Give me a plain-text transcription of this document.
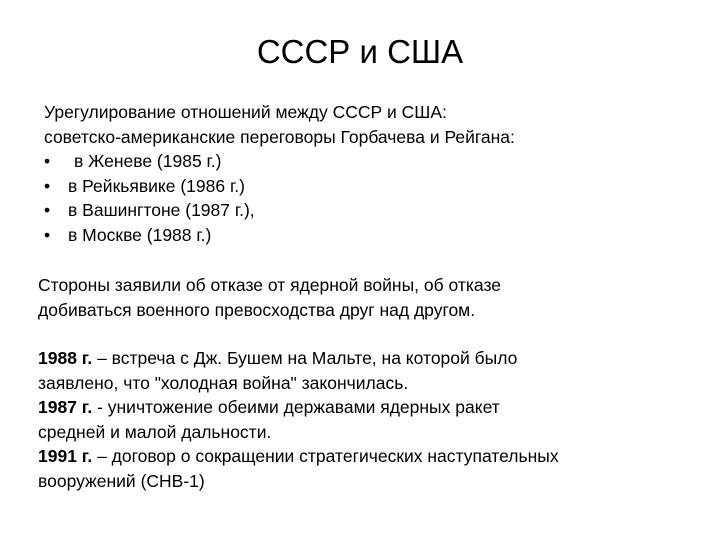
СССР и США
Урегулирование отношений между СССР и США:
советско-американские переговоры Горбачева и Рейгана:
• в Женеве (1985 г.)
• в Рейкьявике (1986 г.)
• в Вашингтоне (1987 г.),
• в Москве (1988 г.)
Стороны заявили об отказе от ядерной войны, об отказе
добиваться военного превосходства друг над другом.
1988 г. – встреча с Дж. Бушем на Мальте, на которой было
заявлено, что "холодная война" закончилась.
1987 г. - уничтожение обеими державами ядерных ракет
средней и малой дальности.
1991 г. – договор о сокращении стратегических наступательных
вооружений (СНВ-1)
